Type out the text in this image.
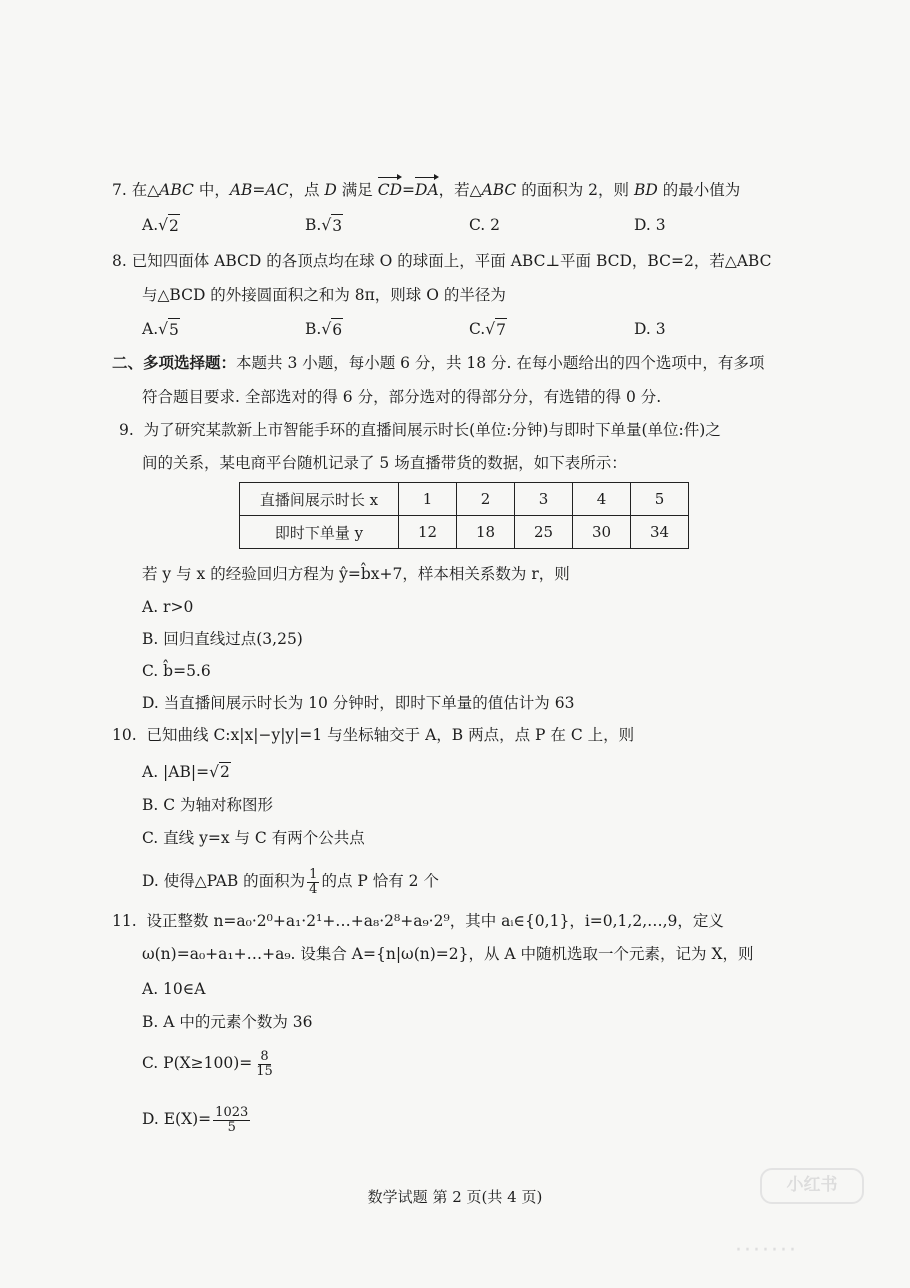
7. 在△ABC 中，AB=AC，点 D 满足 CD=DA，若△ABC 的面积为 2，则 BD 的最小值为
A.√ 2	B.√ 3	C. 2	D. 3
8. 已知四面体 ABCD 的各顶点均在球 O 的球面上，平面 ABC⊥平面 BCD，BC=2，若△ABC
与△BCD 的外接圆面积之和为 8π，则球 O 的半径为
A.√ 5	B.√ 6	C.√ 7	D. 3
二、多项选择题：本题共 3 小题，每小题 6 分，共 18 分. 在每小题给出的四个选项中，有多项
符合题目要求. 全部选对的得 6 分，部分选对的得部分分，有选错的得 0 分.
9. 为了研究某款新上市智能手环的直播间展示时长(单位:分钟)与即时下单量(单位:件)之
间的关系，某电商平台随机记录了 5 场直播带货的数据，如下表所示：
直播间展示时长 x	1	2	3	4	5
即时下单量 y	12	18	25	30	34
若 y 与 x 的经验回归方程为 ŷ=b̂x+7，样本相关系数为 r，则
A. r>0
B. 回归直线过点(3,25)
C. b̂=5.6
D. 当直播间展示时长为 10 分钟时，即时下单量的值估计为 63
10. 已知曲线 C:x|x|−y|y|=1 与坐标轴交于 A，B 两点，点 P 在 C 上，则
A. |AB|=√2
B. C 为轴对称图形
C. 直线 y=x 与 C 有两个公共点
D. 使得△PAB 的面积为 $\frac{1}{4}$ 的点 P 恰有 2 个
11. 设正整数 n=a₀·2⁰+a₁·2¹+…+a₈·2⁸+a₉·2⁹，其中 aᵢ∈{0,1}，i=0,1,2,…,9，定义
ω(n)=a₀+a₁+…+a₉. 设集合 A={n|ω(n)=2}，从 A 中随机选取一个元素，记为 X，则
A. 10∈A
B. A 中的元素个数为 36
C. $P(X\ge 100)= \frac{8}{15}$
D. $E(X)= \frac{1023}{5}$
数学试题 第 2 页(共 4 页)
小红书
·······
